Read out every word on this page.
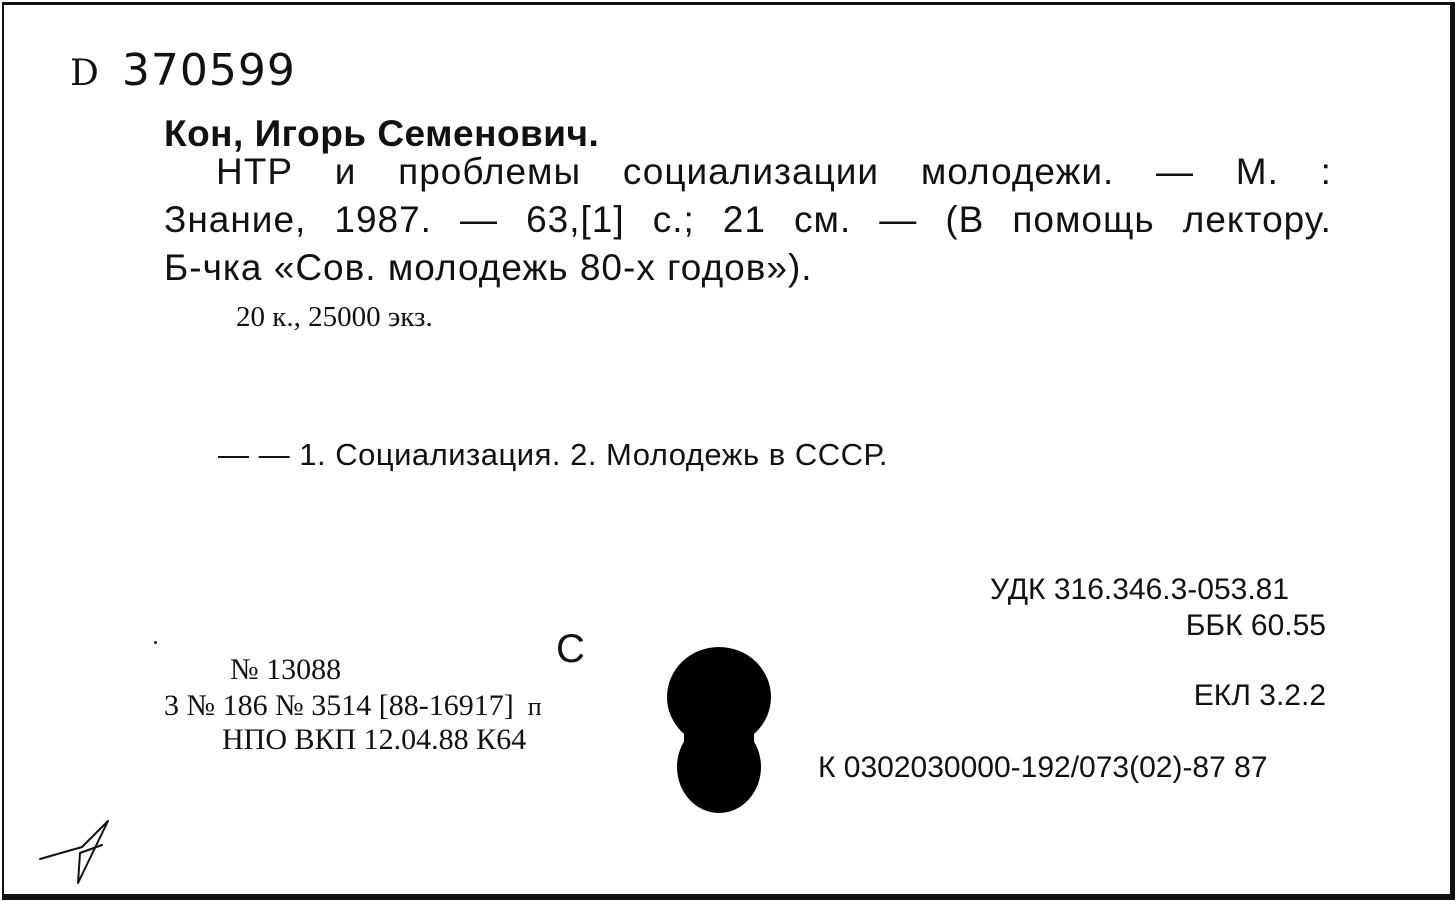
D 370599
Кон, Игорь Семенович.
НТР и проблемы социализации молодежи. — М. :
Знание, 1987. — 63,[1] с.; 21 см. — (В помощь лектору.
Б-чка «Сов. молодежь 80-х годов»).
20 к., 25000 экз.
— — 1. Социализация. 2. Молодежь в СССР.
УДК 316.346.3-053.81
ББК 60.55
ЕКЛ 3.2.2
К 0302030000-192/073(02)-87 87
С
№ 13088
3 № 186 № 3514 [88-16917] п
НПО ВКП 12.04.88 К64
